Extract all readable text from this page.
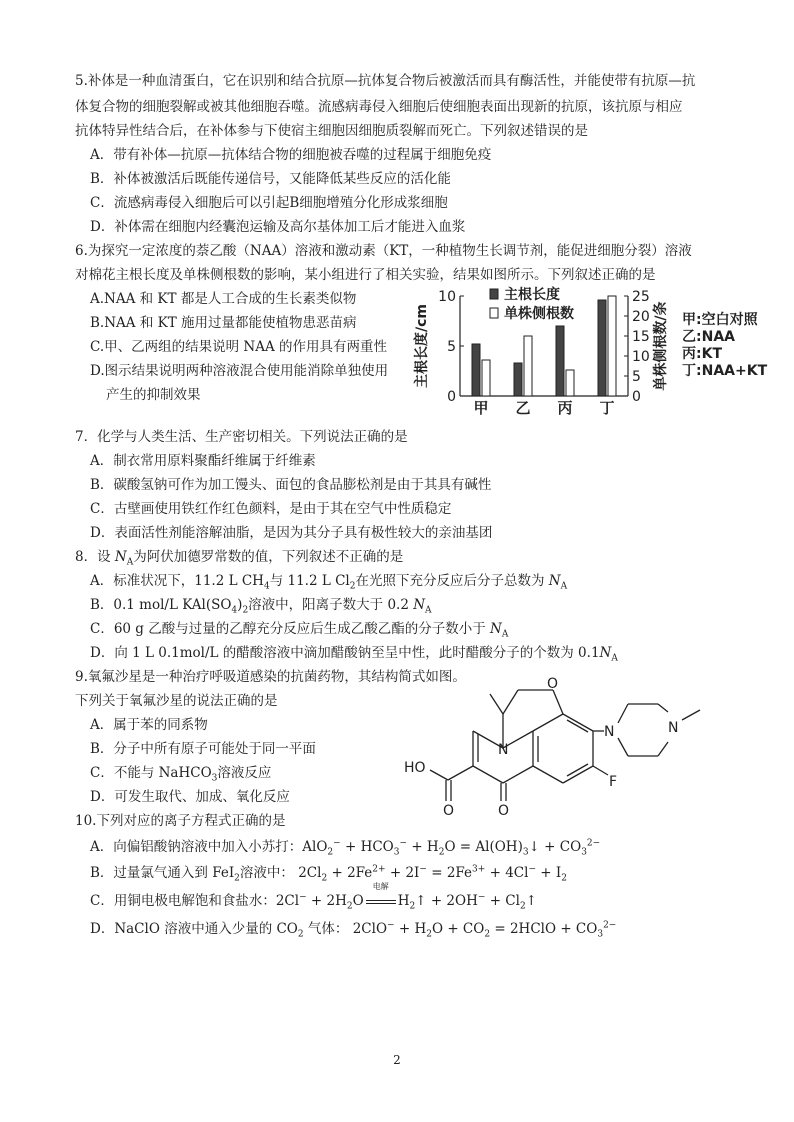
5.补体是一种血清蛋白，它在识别和结合抗原—抗体复合物后被激活而具有酶活性，并能使带有抗原—抗
体复合物的细胞裂解或被其他细胞吞噬。流感病毒侵入细胞后使细胞表面出现新的抗原，该抗原与相应
抗体特异性结合后，在补体参与下使宿主细胞因细胞质裂解而死亡。下列叙述错误的是
A．带有补体—抗原—抗体结合物的细胞被吞噬的过程属于细胞免疫
B．补体被激活后既能传递信号，又能降低某些反应的活化能
C．流感病毒侵入细胞后可以引起B细胞增殖分化形成浆细胞
D．补体需在细胞内经囊泡运输及高尔基体加工后才能进入血浆
6.为探究一定浓度的萘乙酸（NAA）溶液和激动素（KT，一种植物生长调节剂，能促进细胞分裂）溶液
对棉花主根长度及单株侧根数的影响，某小组进行了相关实验，结果如图所示。下列叙述正确的是
A.NAA 和 KT 都是人工合成的生长素类似物
B.NAA 和 KT 施用过量都能使植物患恶苗病
C.甲、乙两组的结果说明 NAA 的作用具有两重性
D.图示结果说明两种溶液混合使用能消除单独使用
产生的抑制效果	0
5
10
0
5
10
15
20
25
主根长度/cm	单株侧根数/条
甲 乙 丙 丁
主根长度
单株侧根数	甲:空白对照
乙:NAA
丙:KT
丁:NAA+KT
7．化学与人类生活、生产密切相关。下列说法正确的是
A．制衣常用原料聚酯纤维属于纤维素
B．碳酸氢钠可作为加工馒头、面包的食品膨松剂是由于其具有碱性
C．古壁画使用铁红作红色颜料，是由于其在空气中性质稳定
D．表面活性剂能溶解油脂，是因为其分子具有极性较大的亲油基团
8．设 $N_A$为阿伏加德罗常数的值，下列叙述不正确的是
A．标准状况下，11.2 L $CH_4$与 11.2 L $Cl_2$在光照下充分反应后分子总数为 $N_A$
B．0.1 mol/L $KAl(SO_4)_2$溶液中，阳离子数大于 0.2 $N_A$
C．60 g 乙酸与过量的乙醇充分反应后生成乙酸乙酯的分子数小于 $N_A$
D．向 1 L 0.1mol/L 的醋酸溶液中滴加醋酸钠至呈中性，此时醋酸分子的个数为 $0.1N_A$
9.氧氟沙星是一种治疗呼吸道感染的抗菌药物，其结构简式如图。
下列关于氧氟沙星的说法正确的是
A．属于苯的同系物
B．分子中所有原子可能处于同一平面
C．不能与 NaHCO$_3$溶液反应
D．可发生取代、加成、氧化反应
N
N	N
O
O
O
HO
F
10.下列对应的离子方程式正确的是
A．向偏铝酸钠溶液中加入小苏打：$AlO_2^- + HCO_3^- + H_2O$ = $Al(OH)_3↓ + CO_3^{2-}$
B．过量氯气通入到 FeI$_2$溶液中： $2Cl_2 + 2Fe^{2+} + 2I^- = 2Fe^{3+} + 4Cl^- + I_2$
C．用铜电极电解饱和食盐水：$2Cl^- + 2H_2O$
电解
$H_2↑ + 2OH^-$ + $Cl_2↑$
D．NaClO 溶液中通入少量的 $CO_2$ 气体： $2ClO^- + H_2O + CO_2$ = 2HClO + $CO_3^{2-}$
2
